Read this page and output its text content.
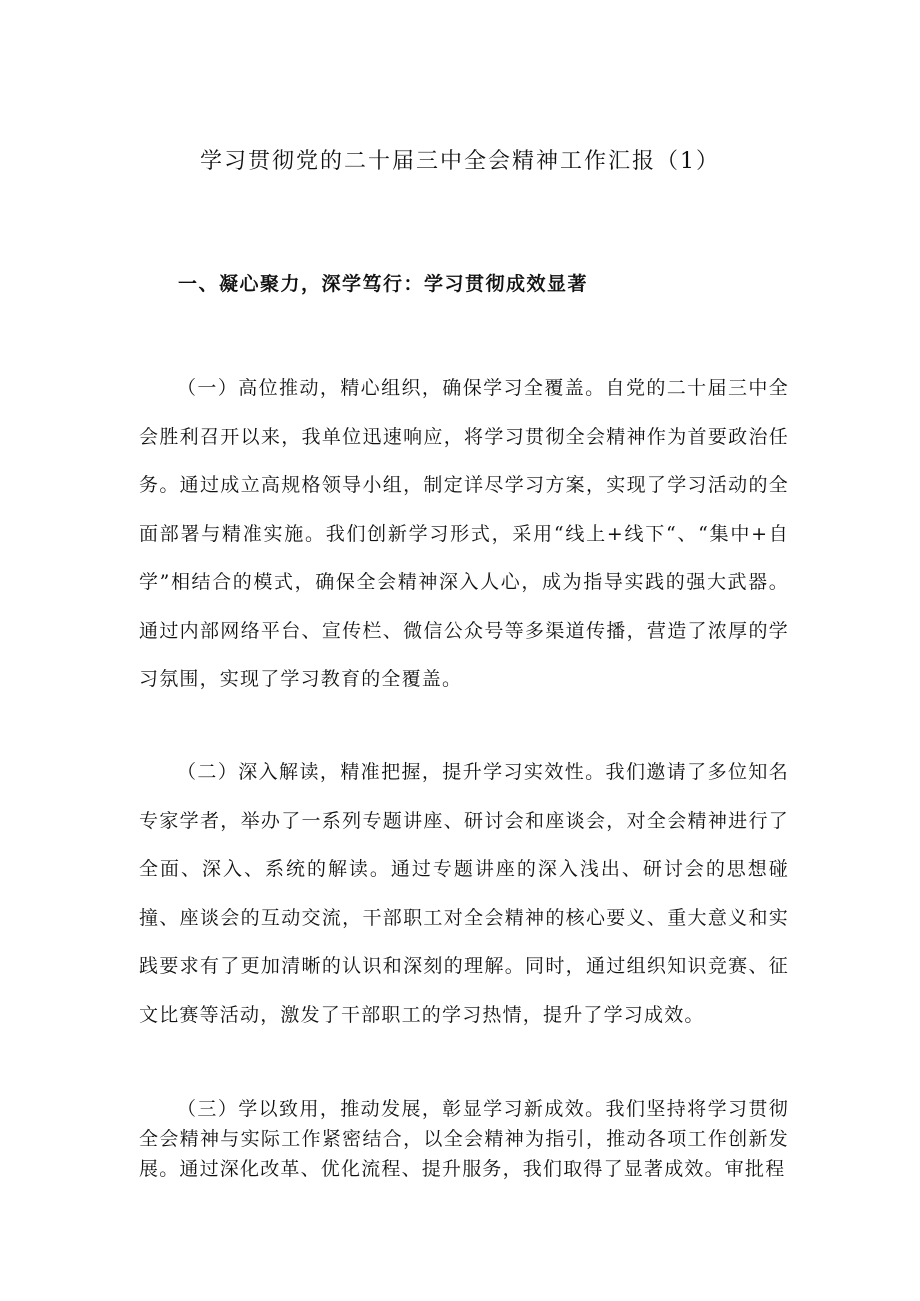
学习贯彻党的二十届三中全会精神工作汇报（1）
一、凝心聚力，深学笃行：学习贯彻成效显著

（一）高位推动，精心组织，确保学习全覆盖。自党的二十届三中全会胜利召开以来，我单位迅速响应，将学习贯彻全会精神作为首要政治任务。通过成立高规格领导小组，制定详尽学习方案，实现了学习活动的全面部署与精准实施。我们创新学习形式，采用“线上+线下“、“集中+自学”相结合的模式，确保全会精神深入人心，成为指导实践的强大武器。通过内部网络平台、宣传栏、微信公众号等多渠道传播，营造了浓厚的学习氛围，实现了学习教育的全覆盖。

（二）深入解读，精准把握，提升学习实效性。我们邀请了多位知名专家学者，举办了一系列专题讲座、研讨会和座谈会，对全会精神进行了全面、深入、系统的解读。通过专题讲座的深入浅出、研讨会的思想碰撞、座谈会的互动交流，干部职工对全会精神的核心要义、重大意义和实践要求有了更加清晰的认识和深刻的理解。同时，通过组织知识竞赛、征文比赛等活动，激发了干部职工的学习热情，提升了学习成效。

（三）学以致用，推动发展，彰显学习新成效。我们坚持将学习贯彻全会精神与实际工作紧密结合，以全会精神为指引，推动各项工作创新发展。通过深化改革、优化流程、提升服务，我们取得了显著成效。审批程
